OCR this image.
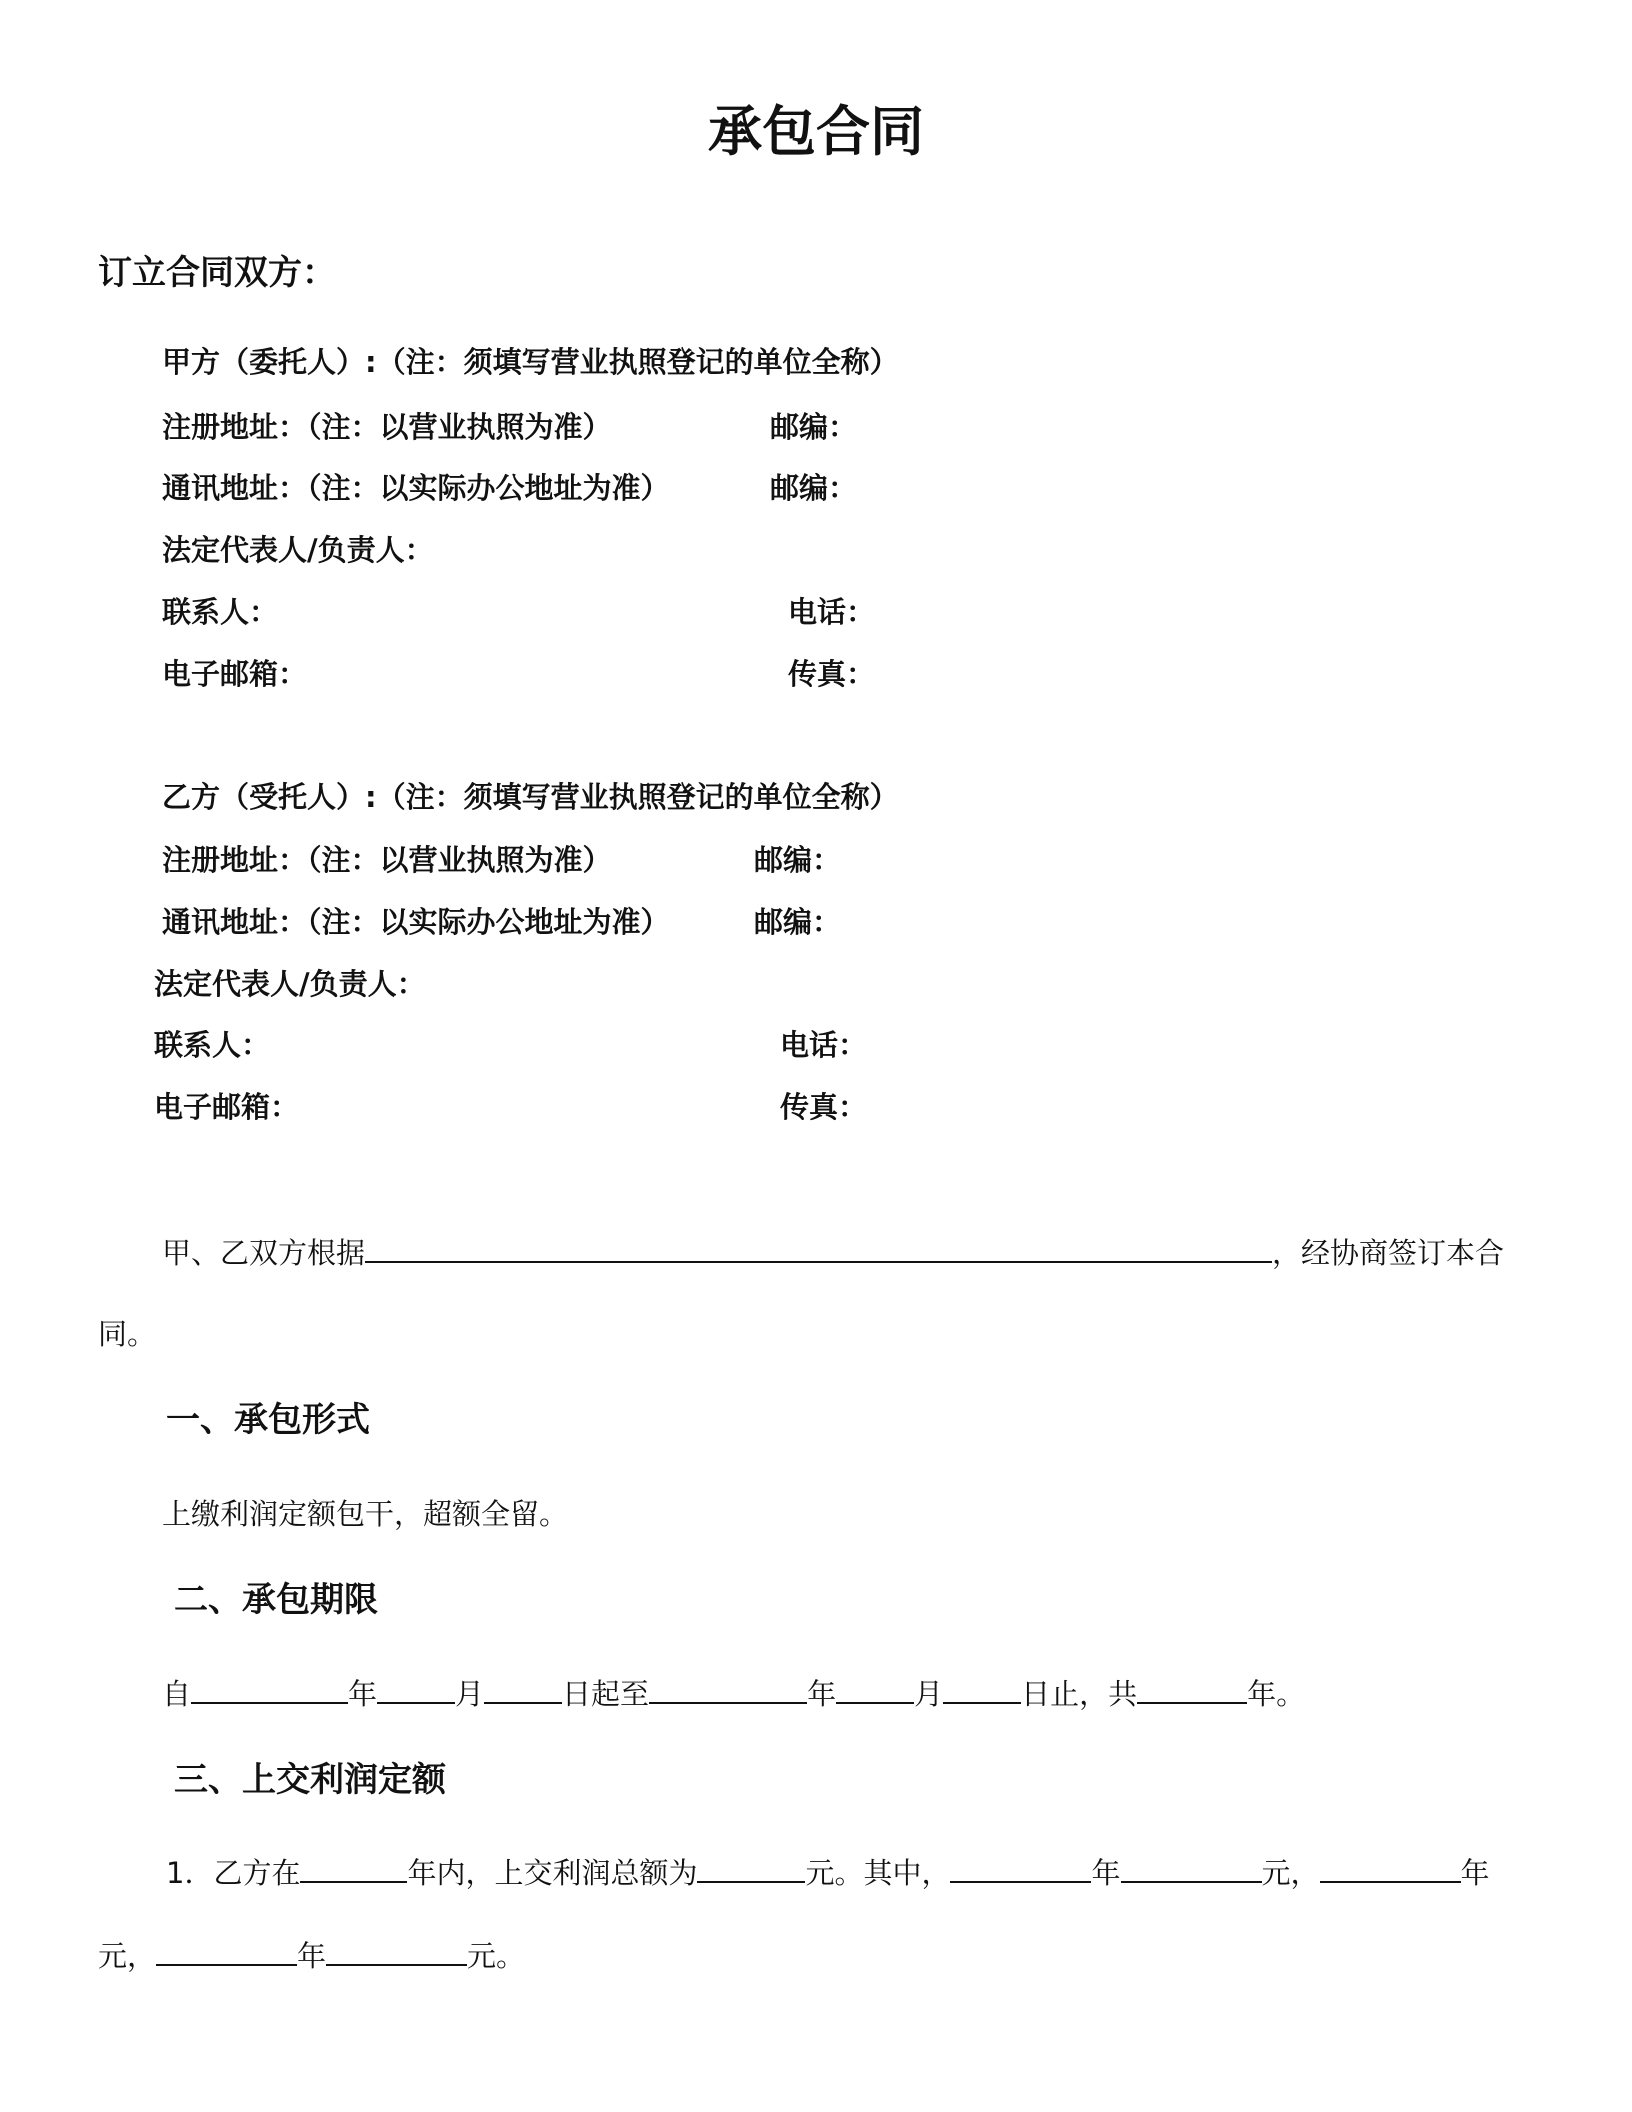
承包合同
订立合同双方：
甲方（委托人）:（注：须填写营业执照登记的单位全称）
注册地址：（注：以营业执照为准）	邮编：
通讯地址：（注：以实际办公地址为准）	邮编：
法定代表人/负责人：
联系人：	电话：
电子邮箱：	传真：
乙方（受托人）:（注：须填写营业执照登记的单位全称）
注册地址：（注：以营业执照为准）	邮编：
通讯地址：（注：以实际办公地址为准）	邮编：
法定代表人/负责人：
联系人：	电话：
电子邮箱：	传真：
甲、乙双方根据	，经协商签订本合
同。
一、承包形式
上缴利润定额包干，超额全留。
二、承包期限
自	年	月	日起至	年	月	日止，共	年。
三、上交利润定额
1．乙方在	年内，上交利润总额为	元。其中，	年	元，	年
元，	年	元。
